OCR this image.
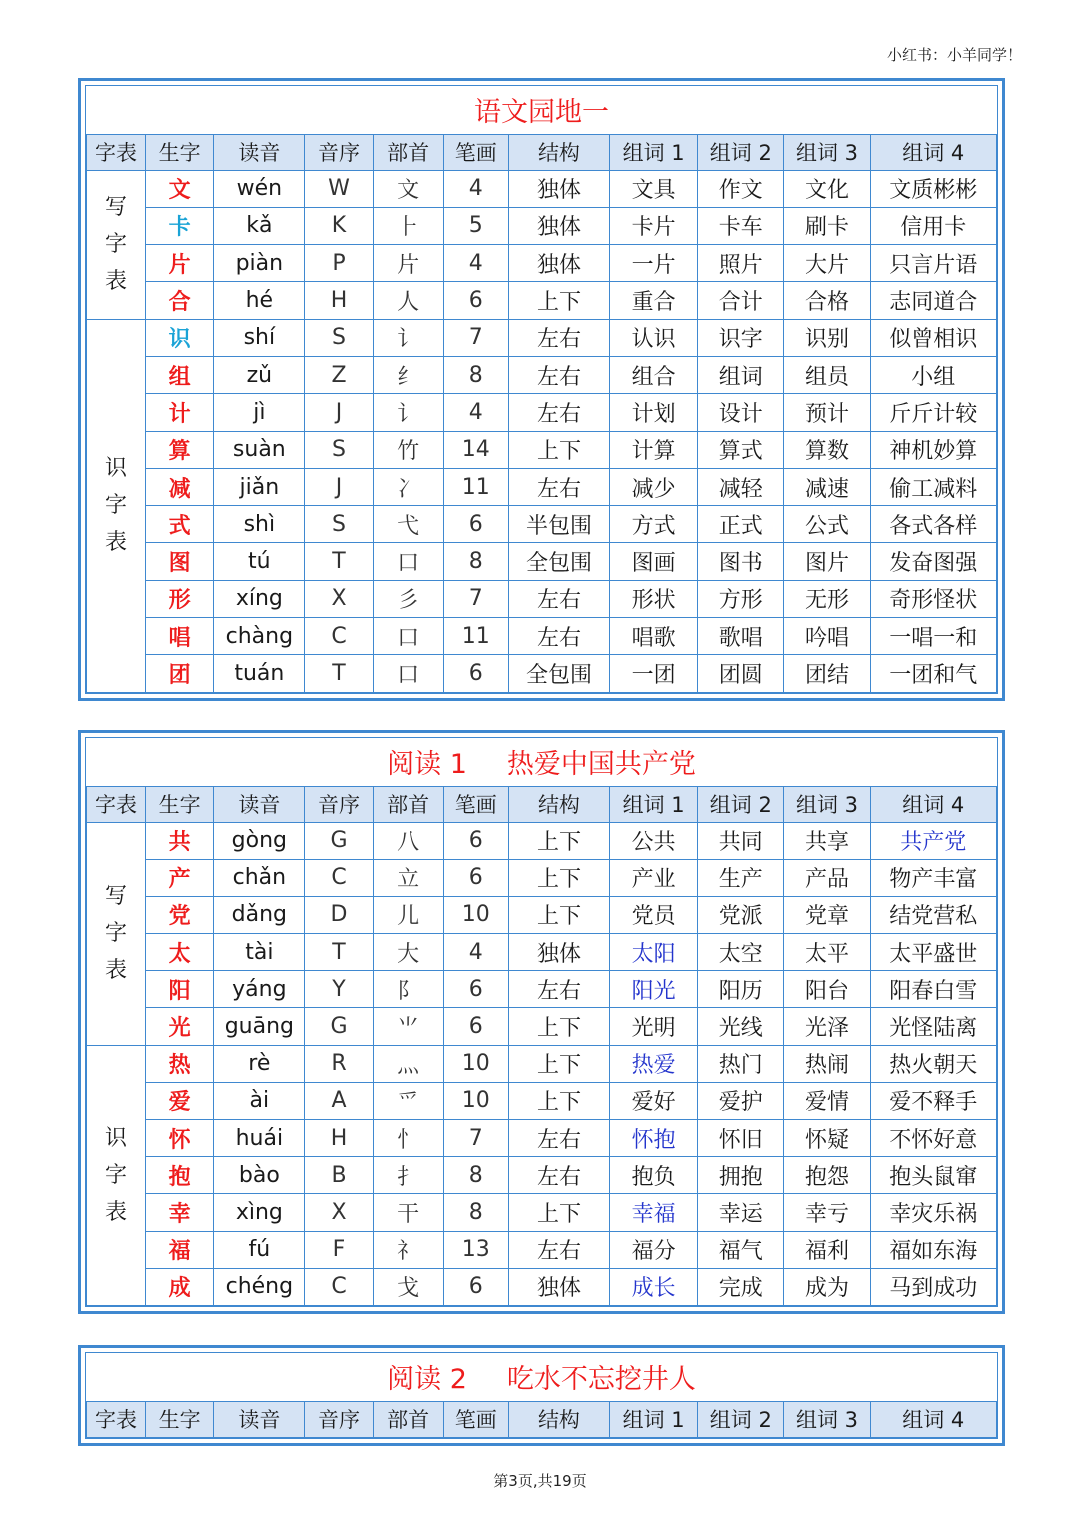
小红书：小羊同学！
语文园地一										
字表	生字	读音	音序	部首	笔画	结构	组词 1	组词 2	组词 3	组词 4

写
字
表	文	wén	W	文	4	独体	文具	作文	文化	文质彬彬
	卡	kǎ	K	⺊	5	独体	卡片	卡车	刷卡	信用卡
	片	piàn	P	片	4	独体	一片	照片	大片	只言片语
	合	hé	H	人	6	上下	重合	合计	合格	志同道合

识
字
表	识	shí	S	讠	7	左右	认识	识字	识别	似曾相识
	组	zǔ	Z	纟	8	左右	组合	组词	组员	小组
	计	jì	J	讠	4	左右	计划	设计	预计	斤斤计较
	算	suàn	S	竹	14	上下	计算	算式	算数	神机妙算
	减	jiǎn	J	冫	11	左右	减少	减轻	减速	偷工减料
	式	shì	S	弋	6	半包围	方式	正式	公式	各式各样
	图	tú	T	口	8	全包围	图画	图书	图片	发奋图强
	形	xíng	X	彡	7	左右	形状	方形	无形	奇形怪状
	唱	chàng	C	口	11	左右	唱歌	歌唱	吟唱	一唱一和
	团	tuán	T	口	6	全包围	一团	团圆	团结	一团和气
阅读 1 热爱中国共产党										
字表	生字	读音	音序	部首	笔画	结构	组词 1	组词 2	组词 3	组词 4

写
字
表	共	gòng	G	八	6	上下	公共	共同	共享	共产党
	产	chǎn	C	立	6	上下	产业	生产	产品	物产丰富
	党	dǎng	D	儿	10	上下	党员	党派	党章	结党营私
	太	tài	T	大	4	独体	太阳	太空	太平	太平盛世
	阳	yáng	Y	阝	6	左右	阳光	阳历	阳台	阳春白雪
	光	guāng	G	⺌	6	上下	光明	光线	光泽	光怪陆离

识
字
表	热	rè	R	灬	10	上下	热爱	热门	热闹	热火朝天
	爱	ài	A	爫	10	上下	爱好	爱护	爱情	爱不释手
	怀	huái	H	忄	7	左右	怀抱	怀旧	怀疑	不怀好意
	抱	bào	B	扌	8	左右	抱负	拥抱	抱怨	抱头鼠窜
	幸	xìng	X	干	8	上下	幸福	幸运	幸亏	幸灾乐祸
	福	fú	F	礻	13	左右	福分	福气	福利	福如东海
	成	chéng	C	戈	6	独体	成长	完成	成为	马到成功
阅读 2 吃水不忘挖井人
字表	生字	读音	音序	部首	笔画	结构	组词 1	组词 2	组词 3	组词 4
第3页,共19页
